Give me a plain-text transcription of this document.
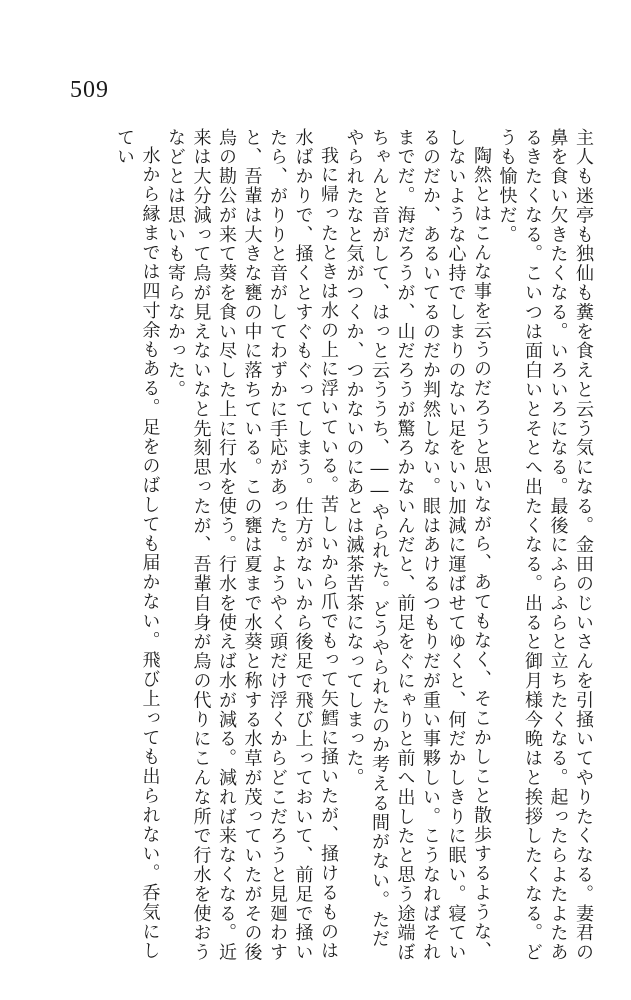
509

主人も迷亭も独仙も糞を食えと云う気になる。金田のじいさんを引掻いてやりたくなる。妻君の鼻を食い欠きたくなる。いろいろになる。最後にふらふらと立ちたくなる。起ったらよたよたあるきたくなる。こいつは面白いとそとへ出たくなる。出ると御月様今晩はと挨拶したくなる。どうも愉快だ。

陶然とはこんな事を云うのだろうと思いながら、あてもなく、そこかしこと散歩するような、しないような心持でしまりのない足をいい加減に運ばせてゆくと、何だかしきりに眠い。寝ているのだか、あるいてるのだか判然しない。眼はあけるつもりだが重い事夥しい。こうなればそれまでだ。海だろうが、山だろうが驚ろかないんだと、前足をぐにゃりと前へ出したと思う途端ぼちゃんと音がして、はっと云ううち、――やられた。どうやられたのか考える間がない。ただやられたなと気がつくか、つかないのにあとは滅茶苦茶になってしまった。

我に帰ったときは水の上に浮いている。苦しいから爪でもって矢鱈に掻いたが、掻けるものは水ばかりで、掻くとすぐもぐってしまう。仕方がないから後足で飛び上っておいて、前足で掻いたら、がりりと音がしてわずかに手応があった。ようやく頭だけ浮くからどこだろうと見廻わすと、吾輩は大きな甕の中に落ちている。この甕は夏まで水葵と称する水草が茂っていたがその後烏の勘公が来て葵を食い尽した上に行水を使う。行水を使えば水が減る。減れば来なくなる。近来は大分減って烏が見えないなと先刻思ったが、吾輩自身が烏の代りにこんな所で行水を使おうなどとは思いも寄らなかった。

水から縁までは四寸余もある。足をのばしても届かない。飛び上っても出られない。呑気にしてい
